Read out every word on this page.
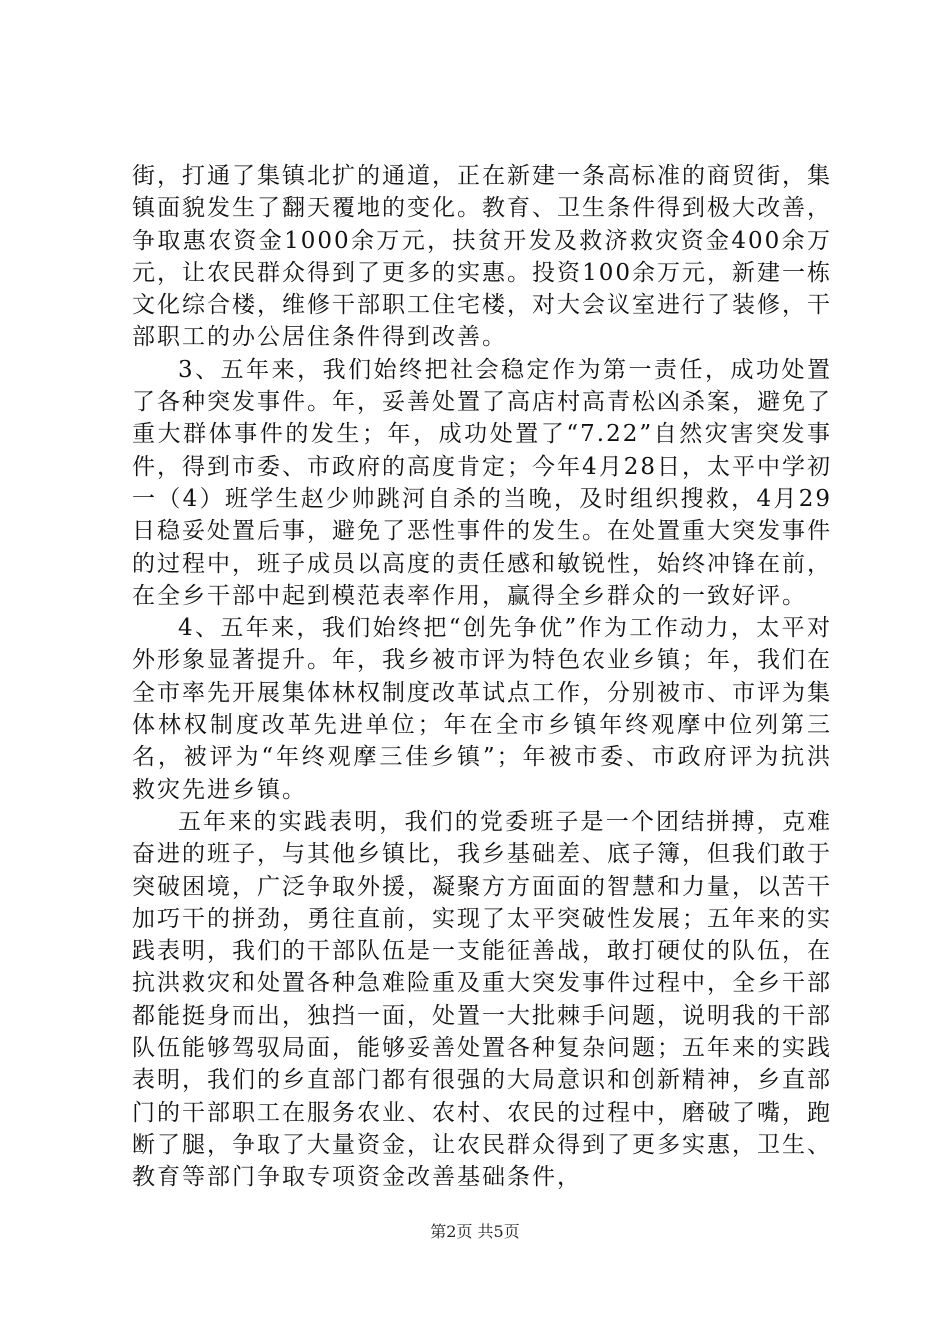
街，打通了集镇北扩的通道，正在新建一条高标准的商贸街，集镇面貌发生了翻天覆地的变化。教育、卫生条件得到极大改善，争取惠农资金1000余万元，扶贫开发及救济救灾资金400余万元，让农民群众得到了更多的实惠。投资100余万元，新建一栋文化综合楼，维修干部职工住宅楼，对大会议室进行了装修，干部职工的办公居住条件得到改善。

3、五年来，我们始终把社会稳定作为第一责任，成功处置了各种突发事件。年，妥善处置了高店村高青松凶杀案，避免了重大群体事件的发生；年，成功处置了“7.22”自然灾害突发事件，得到市委、市政府的高度肯定；今年4月28日，太平中学初一（4）班学生赵少帅跳河自杀的当晚，及时组织搜救，4月29日稳妥处置后事，避免了恶性事件的发生。在处置重大突发事件的过程中，班子成员以高度的责任感和敏锐性，始终冲锋在前，在全乡干部中起到模范表率作用，赢得全乡群众的一致好评。

4、五年来，我们始终把“创先争优”作为工作动力，太平对外形象显著提升。年，我乡被市评为特色农业乡镇；年，我们在全市率先开展集体林权制度改革试点工作，分别被市、市评为集体林权制度改革先进单位；年在全市乡镇年终观摩中位列第三名，被评为“年终观摩三佳乡镇”；年被市委、市政府评为抗洪救灾先进乡镇。

五年来的实践表明，我们的党委班子是一个团结拼搏，克难奋进的班子，与其他乡镇比，我乡基础差、底子簿，但我们敢于突破困境，广泛争取外援，凝聚方方面面的智慧和力量，以苦干加巧干的拼劲，勇往直前，实现了太平突破性发展；五年来的实践表明，我们的干部队伍是一支能征善战，敢打硬仗的队伍，在抗洪救灾和处置各种急难险重及重大突发事件过程中，全乡干部都能挺身而出，独挡一面，处置一大批棘手问题，说明我的干部队伍能够驾驭局面，能够妥善处置各种复杂问题；五年来的实践表明，我们的乡直部门都有很强的大局意识和创新精神，乡直部门的干部职工在服务农业、农村、农民的过程中，磨破了嘴，跑断了腿，争取了大量资金，让农民群众得到了更多实惠，卫生、教育等部门争取专项资金改善基础条件，

第2页 共5页
